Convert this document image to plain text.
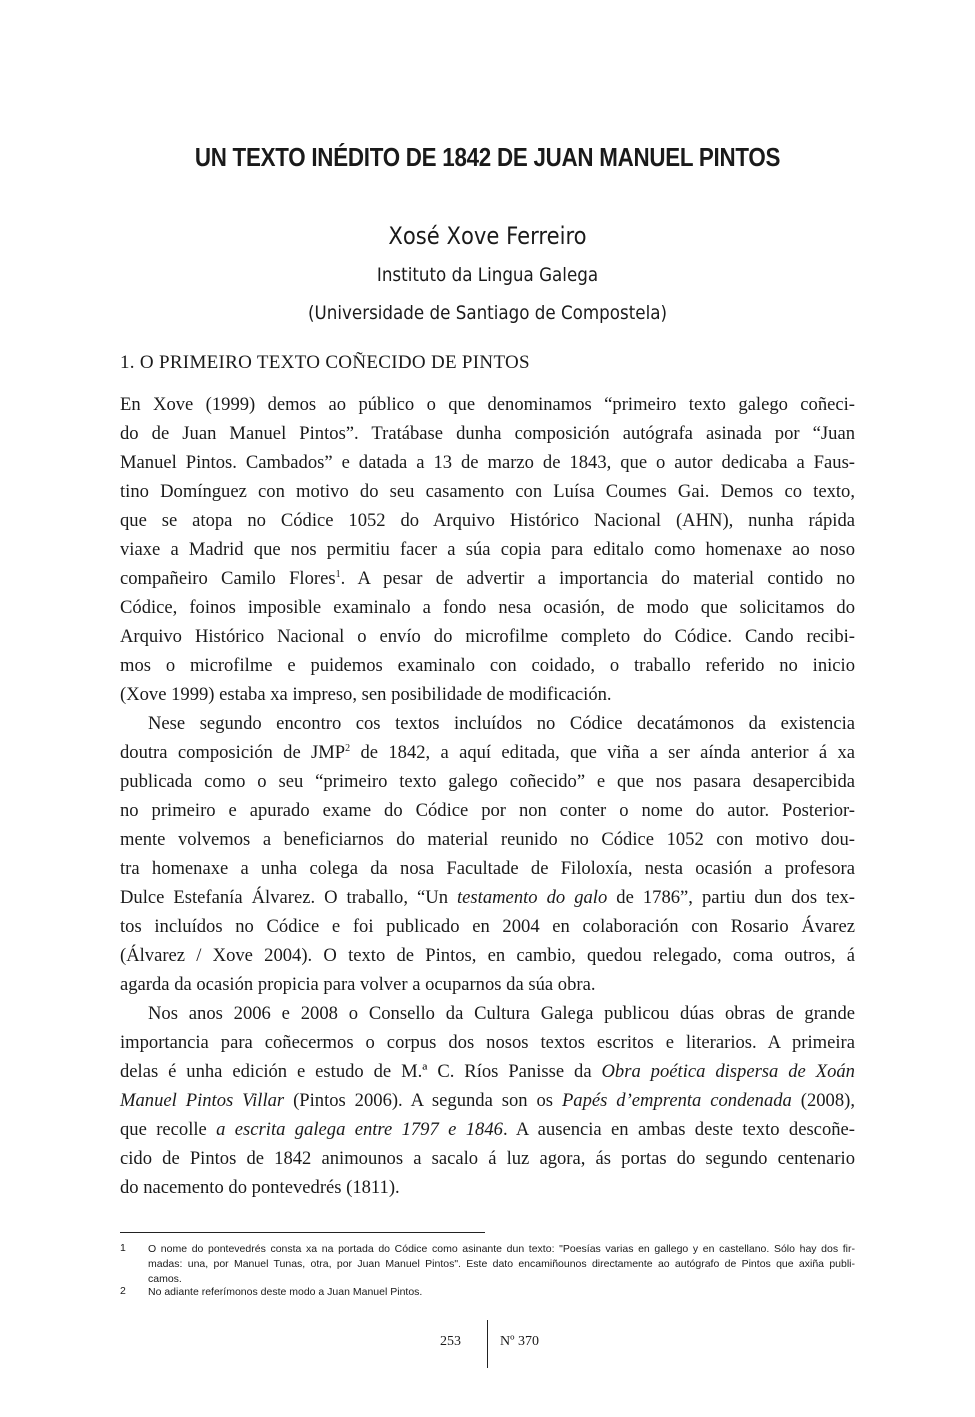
UN TEXTO INÉDITO DE 1842 DE JUAN MANUEL PINTOS
Xosé Xove Ferreiro
Instituto da Lingua Galega
(Universidade de Santiago de Compostela)
1. O PRIMEIRO TEXTO COÑECIDO DE PINTOS
En Xove (1999) demos ao público o que denominamos “primeiro texto galego coñeci-
do de Juan Manuel Pintos”. Tratábase dunha composición autógrafa asinada por “Juan
Manuel Pintos. Cambados” e datada a 13 de marzo de 1843, que o autor dedicaba a Faus-
tino Domínguez con motivo do seu casamento con Luísa Coumes Gai. Demos co texto,
que se atopa no Códice 1052 do Arquivo Histórico Nacional (AHN), nunha rápida
viaxe a Madrid que nos permitiu facer a súa copia para editalo como homenaxe ao noso
compañeiro Camilo Flores$^1$. A pesar de advertir a importancia do material contido no
Códice, foinos imposible examinalo a fondo nesa ocasión, de modo que solicitamos do
Arquivo Histórico Nacional o envío do microfilme completo do Códice. Cando recibi-
mos o microfilme e puidemos examinalo con coidado, o traballo referido no inicio
(Xove 1999) estaba xa impreso, sen posibilidade de modificación.
Nese segundo encontro cos textos incluídos no Códice decatámonos da existencia
doutra composición de JMP$^2$ de 1842, a aquí editada, que viña a ser aínda anterior á xa
publicada como o seu “primeiro texto galego coñecido” e que nos pasara desapercibida
no primeiro e apurado exame do Códice por non conter o nome do autor. Posterior-
mente volvemos a beneficiarnos do material reunido no Códice 1052 con motivo dou-
tra homenaxe a unha colega da nosa Facultade de Filoloxía, nesta ocasión a profesora
Dulce Estefanía Álvarez. O traballo, “Un testamento do galo de 1786”, partiu dun dos tex-
tos incluídos no Códice e foi publicado en 2004 en colaboración con Rosario Ávarez
(Álvarez / Xove 2004). O texto de Pintos, en cambio, quedou relegado, coma outros, á
agarda da ocasión propicia para volver a ocuparnos da súa obra.
Nos anos 2006 e 2008 o Consello da Cultura Galega publicou dúas obras de grande
importancia para coñecermos o corpus dos nosos textos escritos e literarios. A primeira
delas é unha edición e estudo de M.ª C. Ríos Panisse da Obra poética dispersa de Xoán
Manuel Pintos Villar (Pintos 2006). A segunda son os Papés d’emprenta condenada (2008),
que recolle a escrita galega entre 1797 e 1846. A ausencia en ambas deste texto descoñe-
cido de Pintos de 1842 animounos a sacalo á luz agora, ás portas do segundo centenario
do nacemento do pontevedrés (1811).
1 O nome do pontevedrés consta xa na portada do Códice como asinante dun texto: "Poesías varias en gallego y en castellano. Sólo hay dos fir-
madas: una, por Manuel Tunas, otra, por Juan Manuel Pintos". Este dato encamiñounos directamente ao autógrafo de Pintos que axiña publi-
camos.
2 No adiante referímonos deste modo a Juan Manuel Pintos.
253	Nº 370
